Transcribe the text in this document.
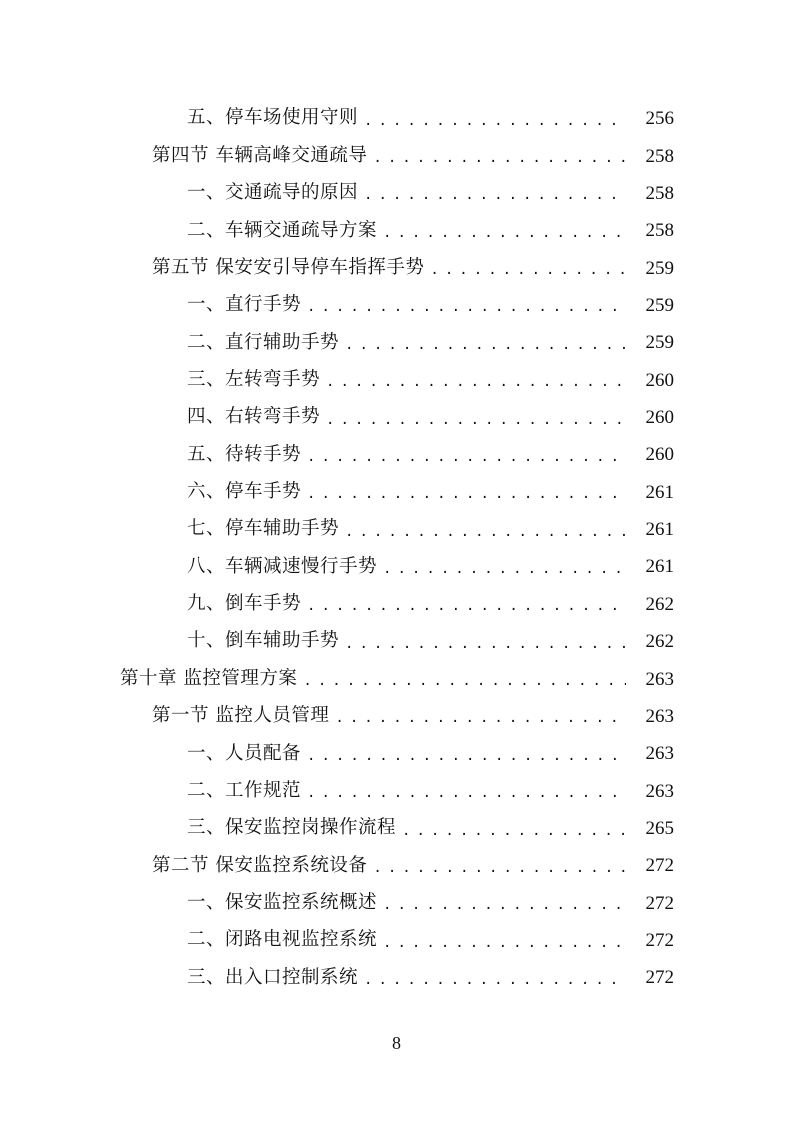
五、停车场使用守则 . . .	256
第四节 车辆高峰交通疏导 . . .	258
一、交通疏导的原因 . . .	258
二、车辆交通疏导方案 . . .	258
第五节 保安安引导停车指挥手势 . . .	259
一、直行手势 . . .	259
二、直行辅助手势 . . .	259
三、左转弯手势 . . .	260
四、右转弯手势 . . .	260
五、待转手势 . . .	260
六、停车手势 . . .	261
七、停车辅助手势 . . .	261
八、车辆减速慢行手势 . . .	261
九、倒车手势 . . .	262
十、倒车辅助手势 . . .	262
第十章 监控管理方案 . . .	263
第一节 监控人员管理 . . .	263
一、人员配备 . . .	263
二、工作规范 . . .	263
三、保安监控岗操作流程 . . .	265
第二节 保安监控系统设备 . . .	272
一、保安监控系统概述 . . .	272
二、闭路电视监控系统 . . .	272
三、出入口控制系统 . . .	272
8
